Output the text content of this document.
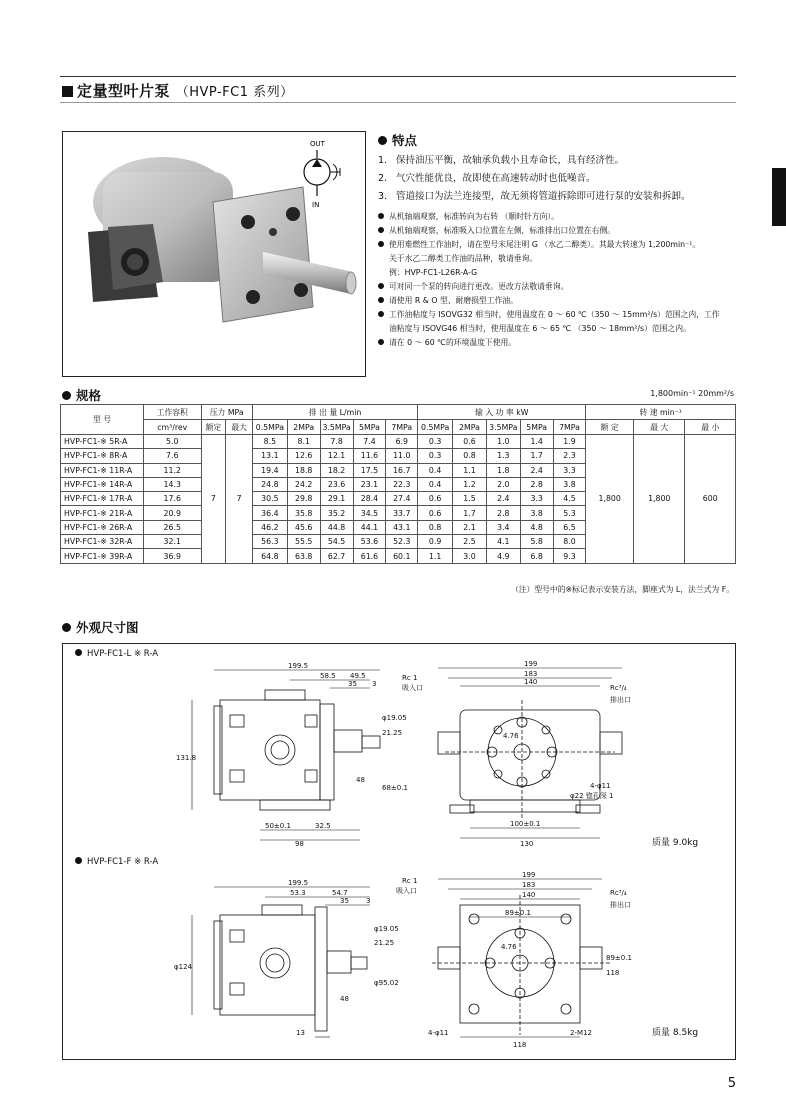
定量型叶片泵 （HVP-FC1 系列）
OUT
IN
特点
1. 保持油压平衡，故轴承负载小且寿命长，具有经济性。
2. 气穴性能优良，故即使在高速转动时也低噪音。
3. 管道接口为法兰连接型，故无须将管道拆除即可进行泵的安装和拆卸。
从机轴端观察，标准转向为右转 （顺时针方向）。
从机轴端观察，标准吸入口位置在左侧，标准排出口位置在右侧。
使用难燃性工作油时，请在型号末尾注明 G （水乙二醇类）。其最大转速为 1,200min⁻¹。
关于水乙二醇类工作油的品种，敬请垂询。
例：HVP-FC1-L26R-A-G
可对同一个泵的转向进行更改。更改方法敬请垂询。
请使用 R & O 型、耐磨损型工作油。
工作油粘度与 ISOVG32 相当时，使用温度在 0 ～ 60 ℃（350 ～ 15mm²/s）范围之内，工作
油粘度与 ISOVG46 相当时，使用温度在 6 ～ 65 ℃ （350 ～ 18mm²/s）范围之内。
请在 0 ～ 60 ℃的环境温度下使用。
规格	1,800min⁻¹ 20mm²/s
型 号	工作容积	压力 MPa		排 出 量 L/min					输 入 功 率 kW					转 速 min⁻¹		
	cm³/rev	额定	最大	0.5MPa	2MPa	3.5MPa	5MPa	7MPa	0.5MPa	2MPa	3.5MPa	5MPa	7MPa	额 定	最 大	最 小
HVP-FC1-※ 5R-A	5.0	7	7	8.5	8.1	7.8	7.4	6.9	0.3	0.6	1.0	1.4	1.9	1,800	1,800	600
HVP-FC1-※ 8R-A	7.6			13.1	12.6	12.1	11.6	11.0	0.3	0.8	1.3	1.7	2.3			
HVP-FC1-※ 11R-A	11.2			19.4	18.8	18.2	17.5	16.7	0.4	1.1	1.8	2.4	3.3			
HVP-FC1-※ 14R-A	14.3			24.8	24.2	23.6	23.1	22.3	0.4	1.2	2.0	2.8	3.8			
HVP-FC1-※ 17R-A	17.6			30.5	29.8	29.1	28.4	27.4	0.6	1.5	2.4	3.3	4.5			
HVP-FC1-※ 21R-A	20.9			36.4	35.8	35.2	34.5	33.7	0.6	1.7	2.8	3.8	5.3			
HVP-FC1-※ 26R-A	26.5			46.2	45.6	44.8	44.1	43.1	0.8	2.1	3.4	4.8	6.5			
HVP-FC1-※ 32R-A	32.1			56.3	55.5	54.5	53.6	52.3	0.9	2.5	4.1	5.8	8.0			
HVP-FC1-※ 39R-A	36.9			64.8	63.8	62.7	61.6	60.1	1.1	3.0	4.9	6.8	9.3			
（注）型号中的※标记表示安装方法，脚座式为 L，法兰式为 F。
外观尺寸图
HVP-FC1-L ※ R-A
199.5
58.5 49.5
35 3
131.8
50±0.1	32.5
98
48
68±0.1
φ19.05
21.25
199
183
140
100±0.1
130
Rc 1
吸入口	Rc³/₄
排出口
4-φ11
φ22 锪孔深 1
4.76
质量 9.0kg
HVP-FC1-F ※ R-A
199.5
53.3	54.7
35 3
φ124
13
48
φ19.05
21.25
φ95.02
199
183
140
89±0.1
118
89±0.1
118
Rc 1
吸入口	Rc³/₄
排出口
4-φ11	2-M12
4.76
质量 8.5kg
5
